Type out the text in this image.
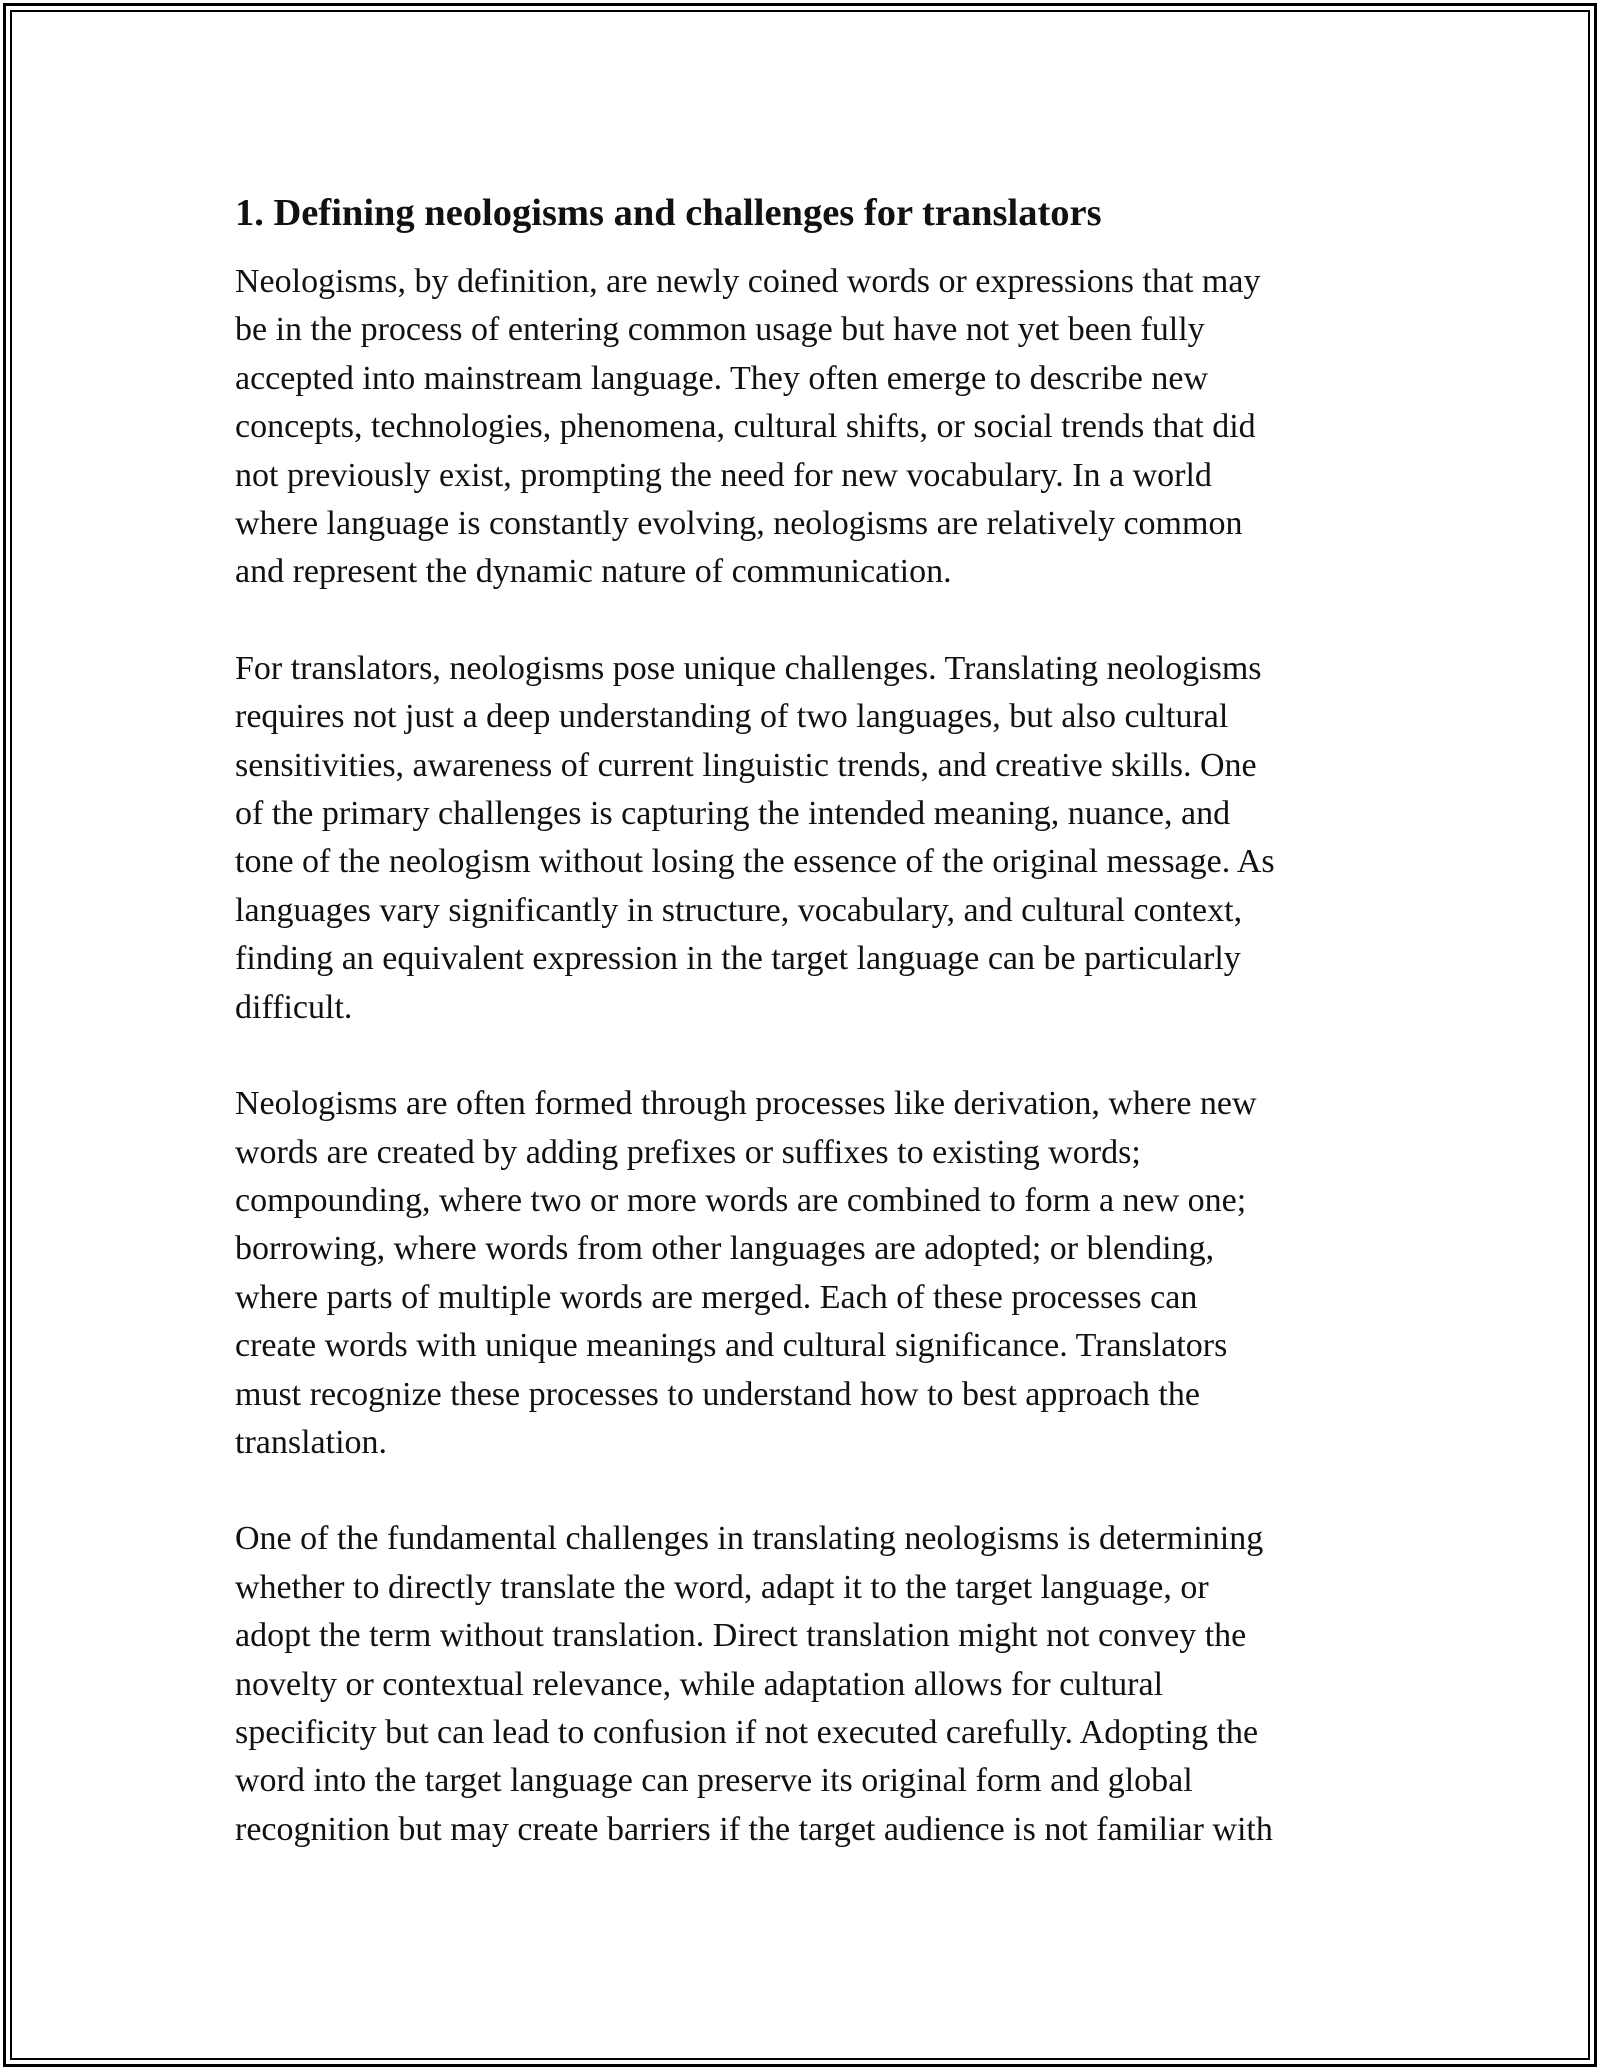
1. Defining neologisms and challenges for translators

Neologisms, by definition, are newly coined words or expressions that may
be in the process of entering common usage but have not yet been fully
accepted into mainstream language. They often emerge to describe new
concepts, technologies, phenomena, cultural shifts, or social trends that did
not previously exist, prompting the need for new vocabulary. In a world
where language is constantly evolving, neologisms are relatively common
and represent the dynamic nature of communication.

For translators, neologisms pose unique challenges. Translating neologisms
requires not just a deep understanding of two languages, but also cultural
sensitivities, awareness of current linguistic trends, and creative skills. One
of the primary challenges is capturing the intended meaning, nuance, and
tone of the neologism without losing the essence of the original message. As
languages vary significantly in structure, vocabulary, and cultural context,
finding an equivalent expression in the target language can be particularly
difficult.

Neologisms are often formed through processes like derivation, where new
words are created by adding prefixes or suffixes to existing words;
compounding, where two or more words are combined to form a new one;
borrowing, where words from other languages are adopted; or blending,
where parts of multiple words are merged. Each of these processes can
create words with unique meanings and cultural significance. Translators
must recognize these processes to understand how to best approach the
translation.

One of the fundamental challenges in translating neologisms is determining
whether to directly translate the word, adapt it to the target language, or
adopt the term without translation. Direct translation might not convey the
novelty or contextual relevance, while adaptation allows for cultural
specificity but can lead to confusion if not executed carefully. Adopting the
word into the target language can preserve its original form and global
recognition but may create barriers if the target audience is not familiar with
